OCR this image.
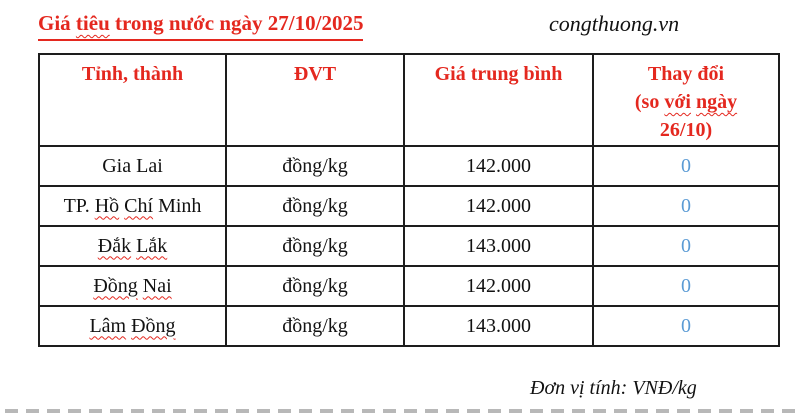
Giá tiêu trong nước ngày 27/10/2025	congthuong.vn
Tỉnh, thành	ĐVT	Giá trung bình	Thay đổi
(so với ngày
26/10)

Gia Lai	đồng/kg	142.000	0
TP. Hồ Chí Minh	đồng/kg	142.000	0
Đắk Lắk	đồng/kg	143.000	0
Đồng Nai	đồng/kg	142.000	0
Lâm Đồng	đồng/kg	143.000	0
Đơn vị tính: VNĐ/kg
